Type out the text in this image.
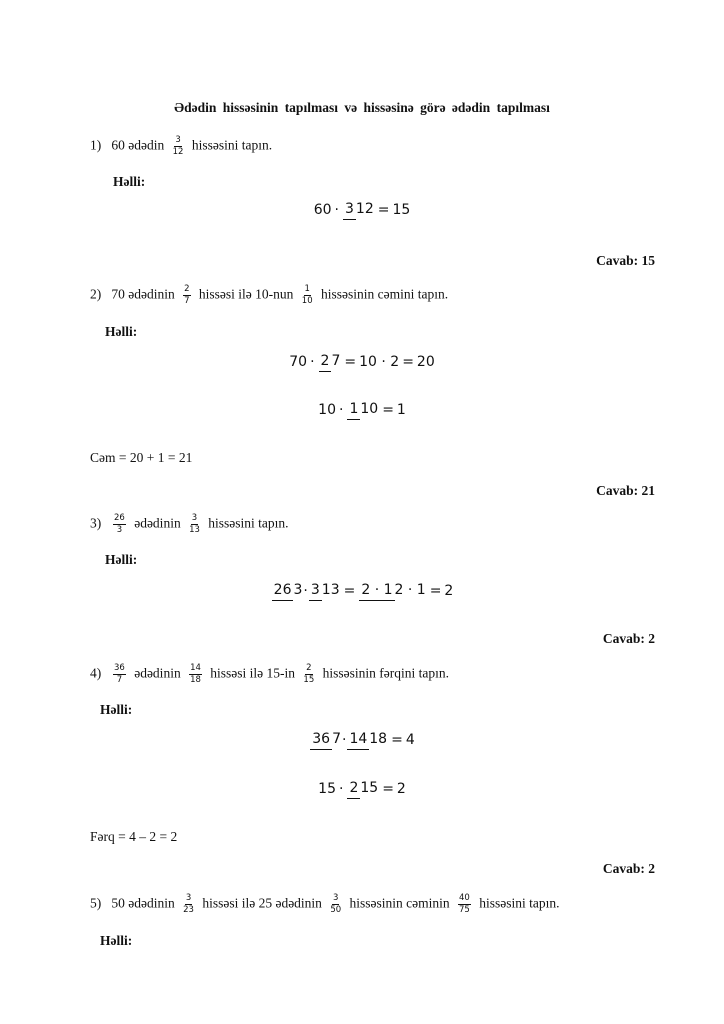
Ədədin hissəsinin tapılması və hissəsinə görə ədədin tapılması
1) 60 ədədin $\frac{3}{12}$ hissəsini tapın.
Həlli:
60 · 3 12 = 15
Cavab: 15
2) 70 ədədinin $\frac{2}{7}$ hissəsi ilə $10-nun \frac{1}{10}$ hissəsinin cəmini tapın.
Həlli:
70 · 2 7 = 10 · 2 = 20
10 · 1 10 = 1
Cəm = 20 + 1 = 21
Cavab: 21
$3) \frac{26}{3}$ ədədinin $\frac{3}{13}$ hissəsini tapın.
Həlli:
26 3 · 3 13 = 2 · 1 2 · 1 = 2
Cavab: 2
$4) \frac{36}{7}$ ədədinin $\frac{14}{18}$ hissəsi ilə $15-in \frac{2}{15}$ hissəsinin fərqini tapın.
Həlli:
36 7 · 14 18 = 4
15 · 2 15 = 2
Fərq = 4 – 2 = 2
Cavab: 2
5) 50 ədədinin $\frac{3}{23}$ hissəsi ilə 25 ədədinin $\frac{3}{50}$ hissəsinin cəminin $\frac{40}{75}$ hissəsini tapın.
Həlli:
